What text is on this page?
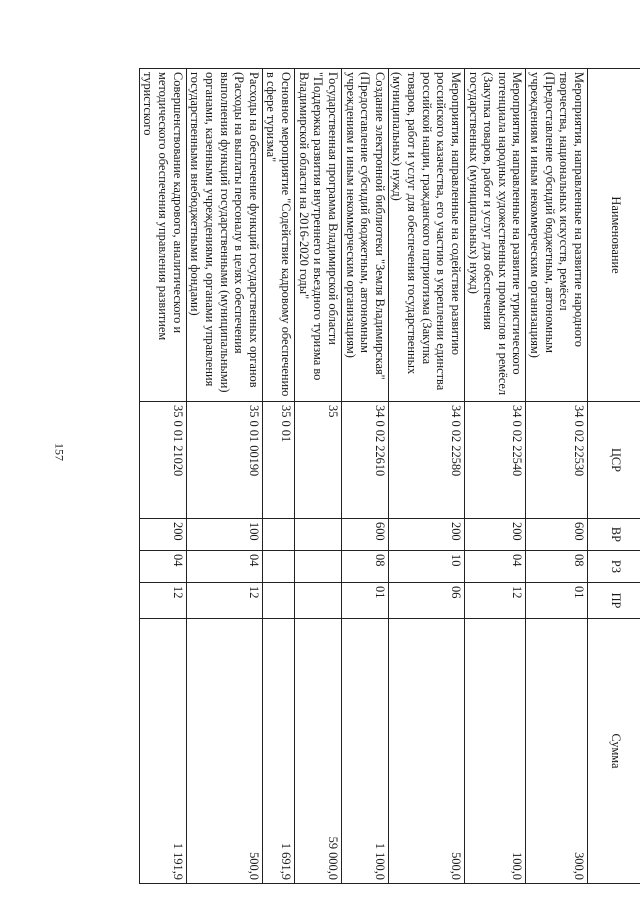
157
Наименование	ЦСР	ВР	РЗ	ПР	Сумма
Мероприятия, направленные на развитие народного творчества, национальных искусств, ремёсел (Предоставление субсидий бюджетным, автономным учреждениям и иным некоммерческим организациям)	34 0 02 22530	600	08	01	300,0
Мероприятия, направленные на развитие туристического потенциала народных художественных промыслов и ремёсел (Закупка товаров, работ и услуг для обеспечения государственных (муниципальных) нужд)	34 0 02 22540	200	04	12	100,0
Мероприятия, направленные на содействие развитию российского казачества, его участию в укреплении единства российской нации, гражданского патриотизма (Закупка товаров, работ и услуг для обеспечения государственных (муниципальных) нужд)	34 0 02 22580	200	10	06	500,0
Создание электронной библиотеки "Земля Владимирская" (Предоставление субсидий бюджетным, автономным учреждениям и иным некоммерческим организациям)	34 0 02 22610	600	08	01	1 100,0
Государственная программа Владимирской области "Поддержка развития внутреннего и въездного туризма во Владимирской области на 2016-2020 годы"	35				59 000,0
Основное мероприятие "Содействие кадровому обеспечению в сфере туризма"	35 0 01				1 691,9
Расходы на обеспечение функций государственных органов (Расходы на выплаты персоналу в целях обеспечения выполнения функций государственными (муниципальными) органами, казенными учреждениями, органами управления государственными внебюджетными фондами)	35 0 01 00190	100	04	12	500,0
Совершенствование кадрового, аналитического и методического обеспечения управления развитием туристского	35 0 01 21020	200	04	12	1 191,9
